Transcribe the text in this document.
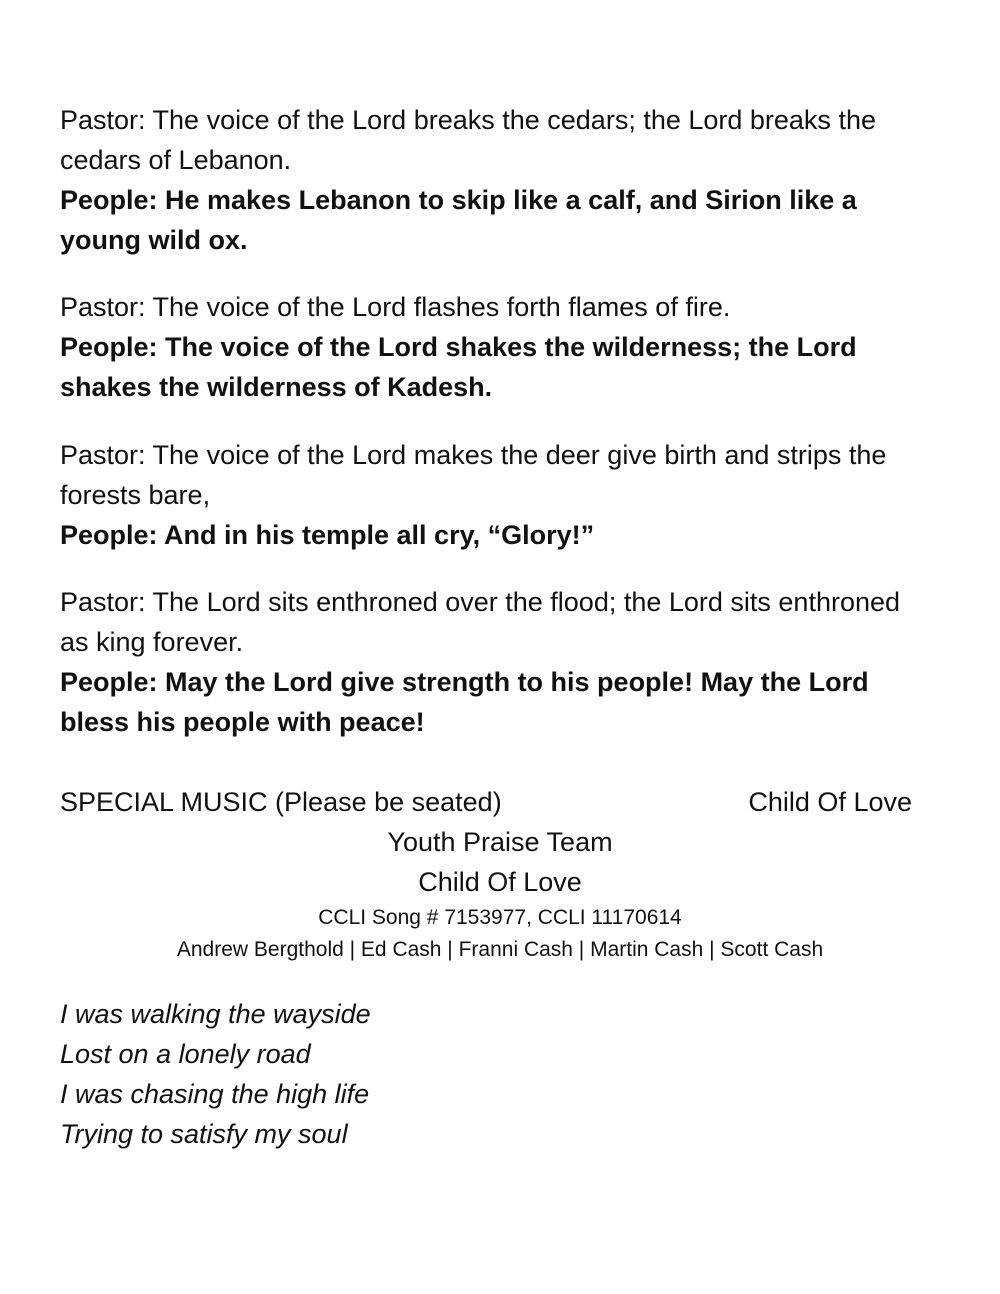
Pastor: The voice of the Lord breaks the cedars; the Lord breaks the cedars of Lebanon.

People: He makes Lebanon to skip like a calf, and Sirion like a young wild ox.

Pastor: The voice of the Lord flashes forth flames of fire.

People: The voice of the Lord shakes the wilderness; the Lord shakes the wilderness of Kadesh.

Pastor: The voice of the Lord makes the deer give birth and strips the forests bare,

People: And in his temple all cry, “Glory!”

Pastor: The Lord sits enthroned over the flood; the Lord sits enthroned as king forever.

People: May the Lord give strength to his people! May the Lord bless his people with peace!

SPECIAL MUSIC (Please be seated)	Child Of Love
Youth Praise Team
Child Of Love
CCLI Song # 7153977, CCLI 11170614
Andrew Bergthold | Ed Cash | Franni Cash | Martin Cash | Scott Cash

I was walking the wayside

Lost on a lonely road

I was chasing the high life

Trying to satisfy my soul
